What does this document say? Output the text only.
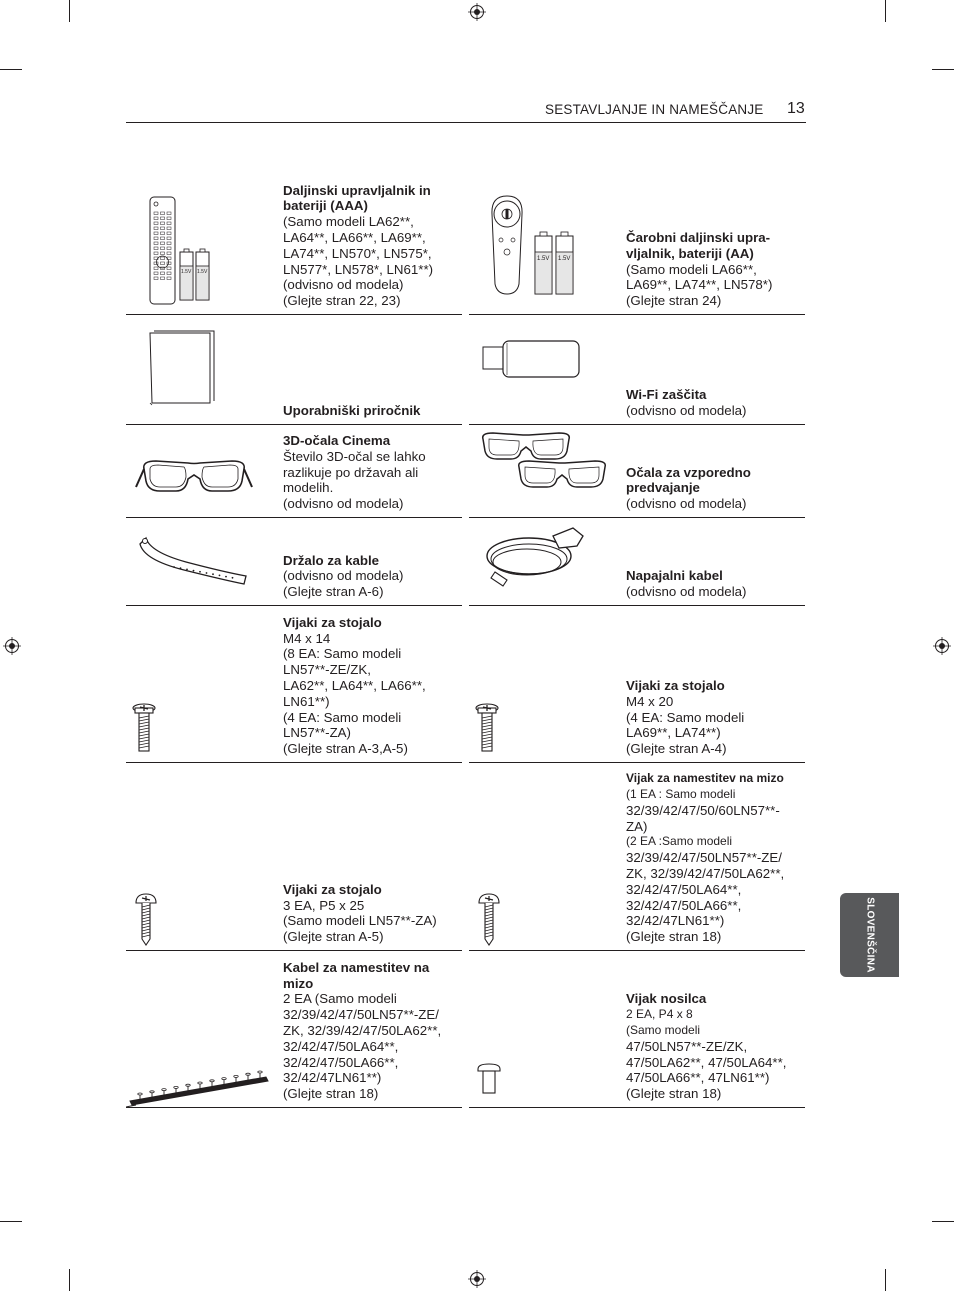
SESTAVLJANJE IN NAMEŠČANJE 13
SLOVENŠČINA
1.5V 1.5V
Daljinski upravljalnik in
bateriji (AAA)
(Samo modeli LA62**,
LA64**, LA66**, LA69**,
LA74**, LN570*, LN575*,
LN577*, LN578*, LN61**)
(odvisno od modela)
(Glejte stran 22, 23)
1.5V 1.5V
Čarobni daljinski upra-
vljalnik, bateriji (AA)
(Samo modeli LA66**,
LA69**, LA74**, LN578*)
(Glejte stran 24)
Uporabniški priročnik
Wi-Fi zaščita
(odvisno od modela)
3D-očala Cinema
Število 3D-očal se lahko
razlikuje po državah ali
modelih.
(odvisno od modela)
Očala za vzporedno
predvajanje
(odvisno od modela)
Držalo za kable
(odvisno od modela)
(Glejte stran A-6)
Napajalni kabel
(odvisno od modela)
Vijaki za stojalo
M4 x 14
(8 EA: Samo modeli
LN57**-ZE/ZK,
LA62**, LA64**, LA66**,
LN61**)
(4 EA: Samo modeli
LN57**-ZA)
(Glejte stran A-3,A-5)
Vijaki za stojalo
M4 x 20
(4 EA: Samo modeli
LA69**, LA74**)
(Glejte stran A-4)
Vijaki za stojalo
3 EA, P5 x 25
(Samo modeli LN57**-ZA)
(Glejte stran A-5)
Vijak za namestitev na mizo
(1 EA : Samo modeli
32/39/42/47/50/60LN57**-
ZA)
(2 EA :Samo modeli
32/39/42/47/50LN57**-ZE/
ZK, 32/39/42/47/50LA62**,
32/42/47/50LA64**,
32/42/47/50LA66**,
32/42/47LN61**)
(Glejte stran 18)
Kabel za namestitev na
mizo
2 EA (Samo modeli
32/39/42/47/50LN57**-ZE/
ZK, 32/39/42/47/50LA62**,
32/42/47/50LA64**,
32/42/47/50LA66**,
32/42/47LN61**)
(Glejte stran 18)
Vijak nosilca
2 EA, P4 x 8
(Samo modeli
47/50LN57**-ZE/ZK,
47/50LA62**, 47/50LA64**,
47/50LA66**, 47LN61**)
(Glejte stran 18)
